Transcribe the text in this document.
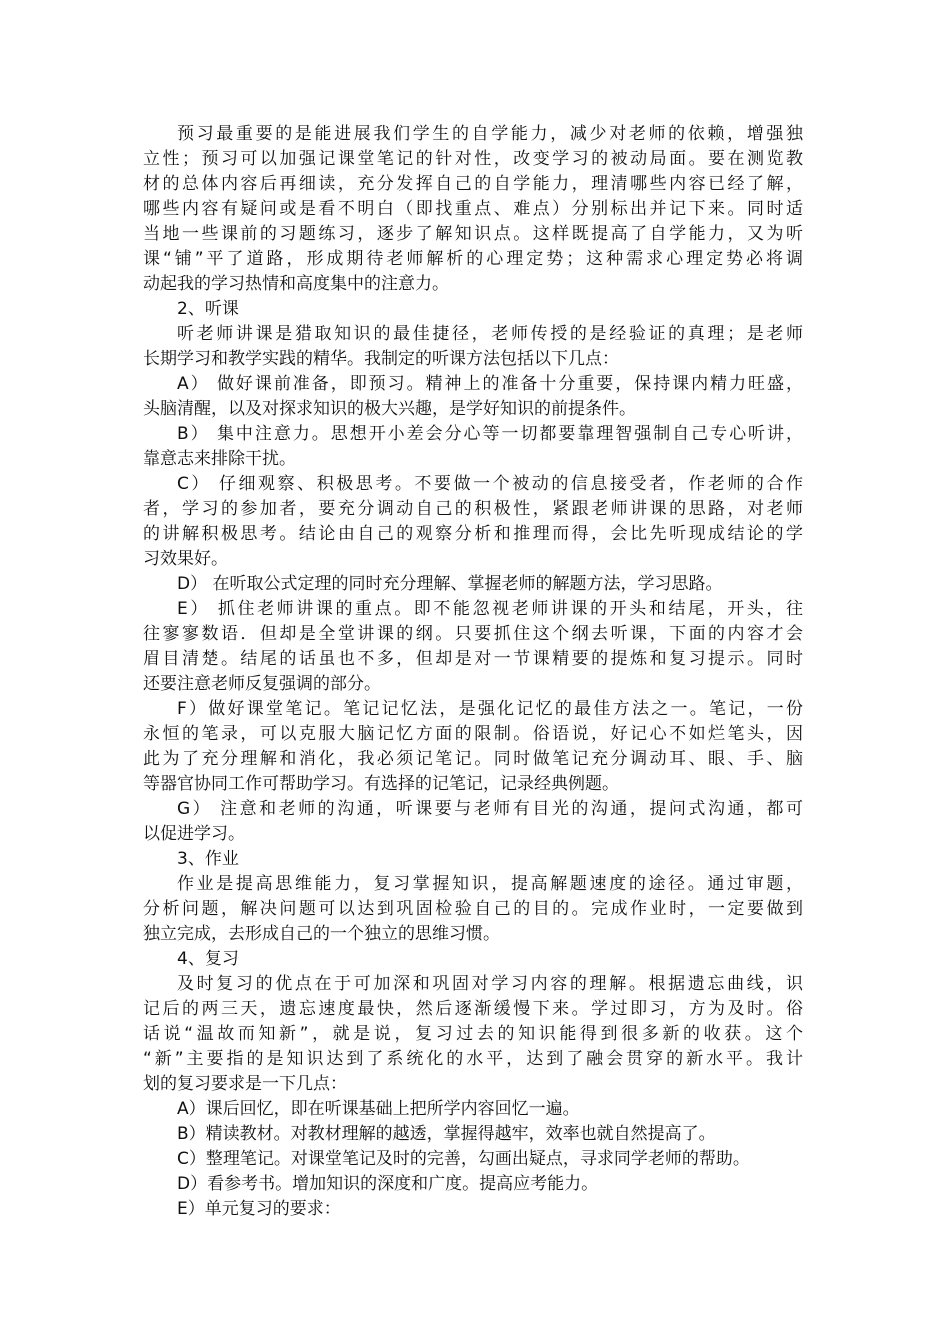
预习最重要的是能进展我们学生的自学能力，减少对老师的依赖，增强独
立性；预习可以加强记课堂笔记的针对性，改变学习的被动局面。要在测览教
材的总体内容后再细读，充分发挥自己的自学能力，理清哪些内容已经了解，
哪些内容有疑问或是看不明白（即找重点、难点）分别标出并记下来。同时适
当地一些课前的习题练习，逐步了解知识点。这样既提高了自学能力，又为听
课“铺”平了道路，形成期待老师解析的心理定势；这种需求心理定势必将调
动起我的学习热情和高度集中的注意力。
2、听课
听老师讲课是猎取知识的最佳捷径，老师传授的是经验证的真理；是老师
长期学习和教学实践的精华。我制定的听课方法包括以下几点：
A） 做好课前准备，即预习。精神上的准备十分重要，保持课内精力旺盛，
头脑清醒，以及对探求知识的极大兴趣，是学好知识的前提条件。
B） 集中注意力。思想开小差会分心等一切都要靠理智强制自己专心听讲，
靠意志来排除干扰。
C） 仔细观察、积极思考。不要做一个被动的信息接受者，作老师的合作
者，学习的参加者，要充分调动自己的积极性，紧跟老师讲课的思路，对老师
的讲解积极思考。结论由自己的观察分析和推理而得，会比先听现成结论的学
习效果好。
D） 在听取公式定理的同时充分理解、掌握老师的解题方法，学习思路。
E） 抓住老师讲课的重点。即不能忽视老师讲课的开头和结尾，开头，往
往寥寥数语．但却是全堂讲课的纲。只要抓住这个纲去听课，下面的内容才会
眉目清楚。结尾的话虽也不多，但却是对一节课精要的提炼和复习提示。同时
还要注意老师反复强调的部分。
F）做好课堂笔记。笔记记忆法，是强化记忆的最佳方法之一。笔记，一份
永恒的笔录，可以克服大脑记忆方面的限制。俗语说，好记心不如烂笔头，因
此为了充分理解和消化，我必须记笔记。同时做笔记充分调动耳、眼、手、脑
等器官协同工作可帮助学习。有选择的记笔记，记录经典例题。
G） 注意和老师的沟通，听课要与老师有目光的沟通，提问式沟通，都可
以促进学习。
3、作业
作业是提高思维能力，复习掌握知识，提高解题速度的途径。通过审题，
分析问题，解决问题可以达到巩固检验自己的目的。完成作业时，一定要做到
独立完成，去形成自己的一个独立的思维习惯。
4、复习
及时复习的优点在于可加深和巩固对学习内容的理解。根据遗忘曲线，识
记后的两三天，遗忘速度最快，然后逐渐缓慢下来。学过即习，方为及时。俗
话说“温故而知新”，就是说，复习过去的知识能得到很多新的收获。这个
“新”主要指的是知识达到了系统化的水平，达到了融会贯穿的新水平。我计
划的复习要求是一下几点：
A）课后回忆，即在听课基础上把所学内容回忆一遍。
B）精读教材。对教材理解的越透，掌握得越牢，效率也就自然提高了。
C）整理笔记。对课堂笔记及时的完善，勾画出疑点，寻求同学老师的帮助。
D）看参考书。增加知识的深度和广度。提高应考能力。
E）单元复习的要求：
